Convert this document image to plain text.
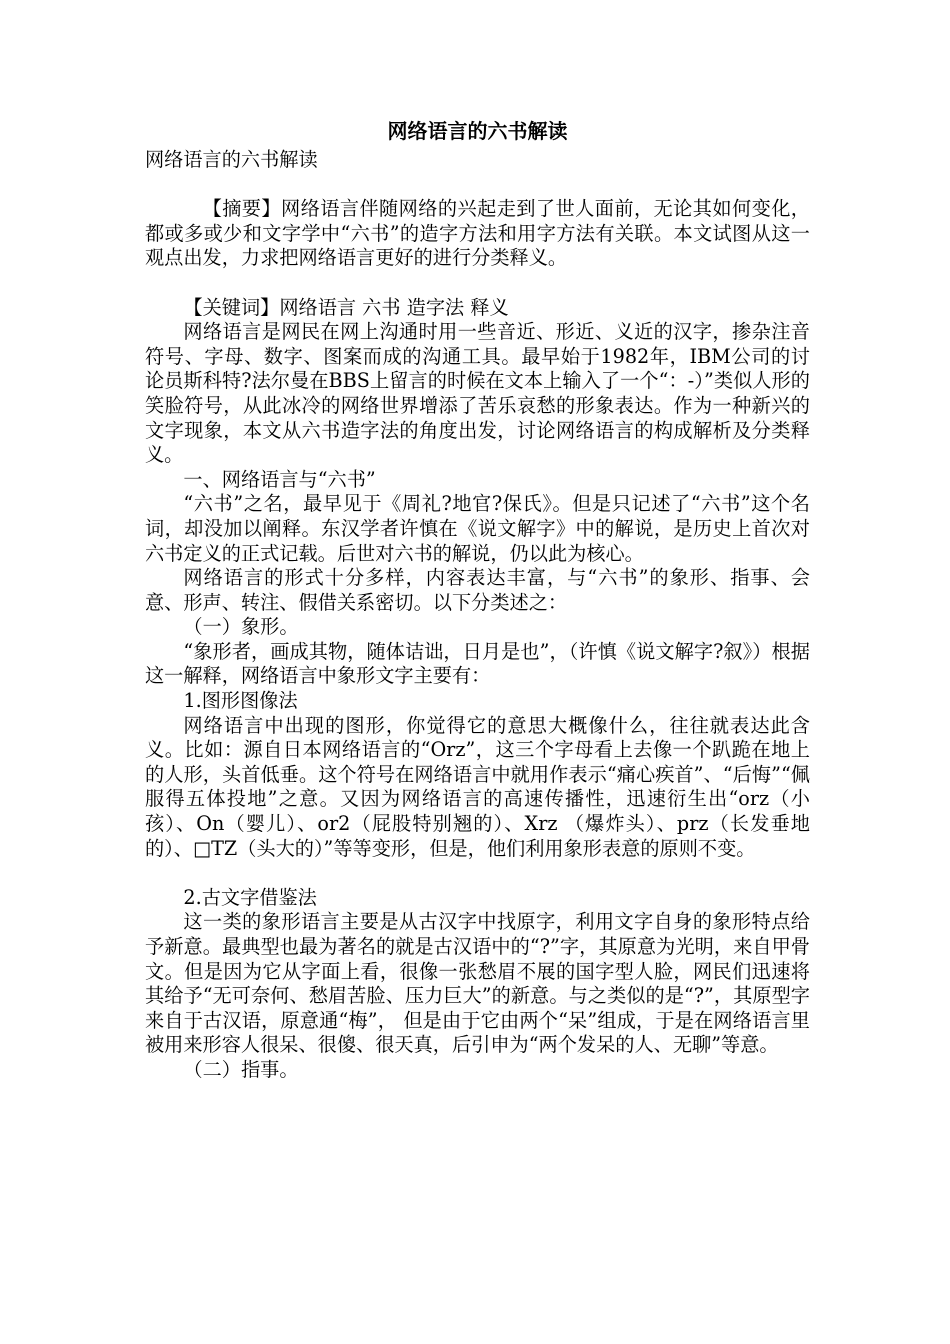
网络语言的六书解读
网络语言的六书解读

【摘要】网络语言伴随网络的兴起走到了世人面前，无论其如何变化，都或多或少和文字学中“六书”的造字方法和用字方法有关联。本文试图从这一观点出发，力求把网络语言更好的进行分类释义。

【关键词】网络语言 六书 造字法 释义

网络语言是网民在网上沟通时用一些音近、形近、义近的汉字，掺杂注音符号、字母、数字、图案而成的沟通工具。最早始于1982年，IBM公司的讨论员斯科特?法尔曼在BBS上留言的时候在文本上输入了一个“：-）”类似人形的笑脸符号，从此冰冷的网络世界增添了苦乐哀愁的形象表达。作为一种新兴的文字现象，本文从六书造字法的角度出发，讨论网络语言的构成解析及分类释义。

一、网络语言与“六书”

“六书”之名，最早见于《周礼?地官?保氏》。但是只记述了“六书”这个名词，却没加以阐释。东汉学者许慎在《说文解字》中的解说，是历史上首次对六书定义的正式记载。后世对六书的解说，仍以此为核心。

网络语言的形式十分多样，内容表达丰富，与“六书”的象形、指事、会意、形声、转注、假借关系密切。以下分类述之：

（一）象形。

“象形者，画成其物，随体诘诎，日月是也”，（许慎《说文解字?叙》）根据这一解释，网络语言中象形文字主要有：

1.图形图像法

网络语言中出现的图形，你觉得它的意思大概像什么，往往就表达此含义。比如：源自日本网络语言的“Orz”，这三个字母看上去像一个趴跪在地上的人形，头首低垂。这个符号在网络语言中就用作表示“痛心疾首”、“后悔”“佩服得五体投地”之意。又因为网络语言的高速传播性，迅速衍生出“orz（小孩）、On（婴儿）、or2（屁股特别翘的）、Xrz （爆炸头）、prz（长发垂地的）、□TZ（头大的）”等等变形，但是，他们利用象形表意的原则不变。

2.古文字借鉴法

这一类的象形语言主要是从古汉字中找原字，利用文字自身的象形特点给予新意。最典型也最为著名的就是古汉语中的“?”字，其原意为光明，来自甲骨文。但是因为它从字面上看，很像一张愁眉不展的国字型人脸，网民们迅速将其给予“无可奈何、愁眉苦脸、压力巨大”的新意。与之类似的是“?”，其原型字来自于古汉语，原意通“梅”， 但是由于它由两个“呆”组成，于是在网络语言里被用来形容人很呆、很傻、很天真，后引申为“两个发呆的人、无聊”等意。

（二）指事。
